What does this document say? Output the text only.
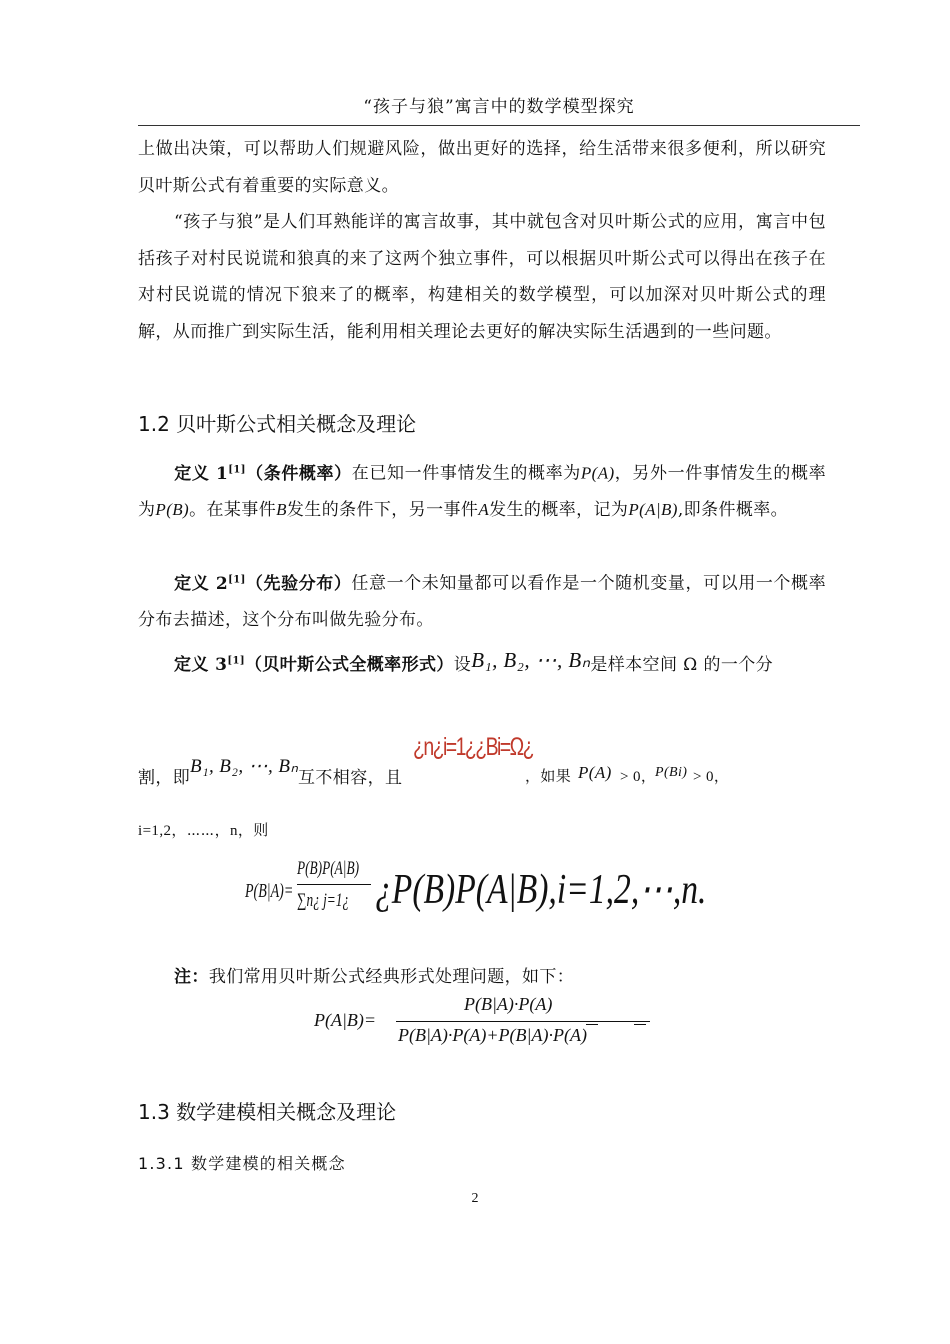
“孩子与狼”寓言中的数学模型探究

上做出决策，可以帮助人们规避风险，做出更好的选择，给生活带来很多便利，所以研究贝叶斯公式有着重要的实际意义。

“孩子与狼”是人们耳熟能详的寓言故事，其中就包含对贝叶斯公式的应用，寓言中包括孩子对村民说谎和狼真的来了这两个独立事件，可以根据贝叶斯公式可以得出在孩子在对村民说谎的情况下狼来了的概率，构建相关的数学模型，可以加深对贝叶斯公式的理解，从而推广到实际生活，能利用相关理论去更好的解决实际生活遇到的一些问题。

1.2 贝叶斯公式相关概念及理论

定义 1[1]（条件概率）在已知一件事情发生的概率为P(A)，另外一件事情发生的概率为P(B)。在某事件B发生的条件下，另一事件A发生的概率，记为P(A|B),即条件概率。

定义 2[1]（先验分布）任意一个未知量都可以看作是一个随机变量，可以用一个概率分布去描述，这个分布叫做先验分布。

定义 3[1]（贝叶斯公式全概率形式）设B₁, B₂, ⋯, Bₙ是样本空间 Ω 的一个分

割，即
B₁, B₂, ⋯, Bₙ
互不相容，且
¿n¿i=1¿¿Bi=Ω¿
，如果 P(A) > 0，
P(Bi) > 0，

i=1,2，⋯⋯，n，则

P(B|A)=
P(B)P(A|B)
∑n¿ j=1¿ ¿P(B)P(A|B),i=1,2,⋯,n.

注：我们常用贝叶斯公式经典形式处理问题，如下：

P(A|B)=
P(B|A)·P(A)
P(B|A)·P(A)+P(B|A)·P(A)
1.3 数学建模相关概念及理论
1.3.1 数学建模的相关概念
2
